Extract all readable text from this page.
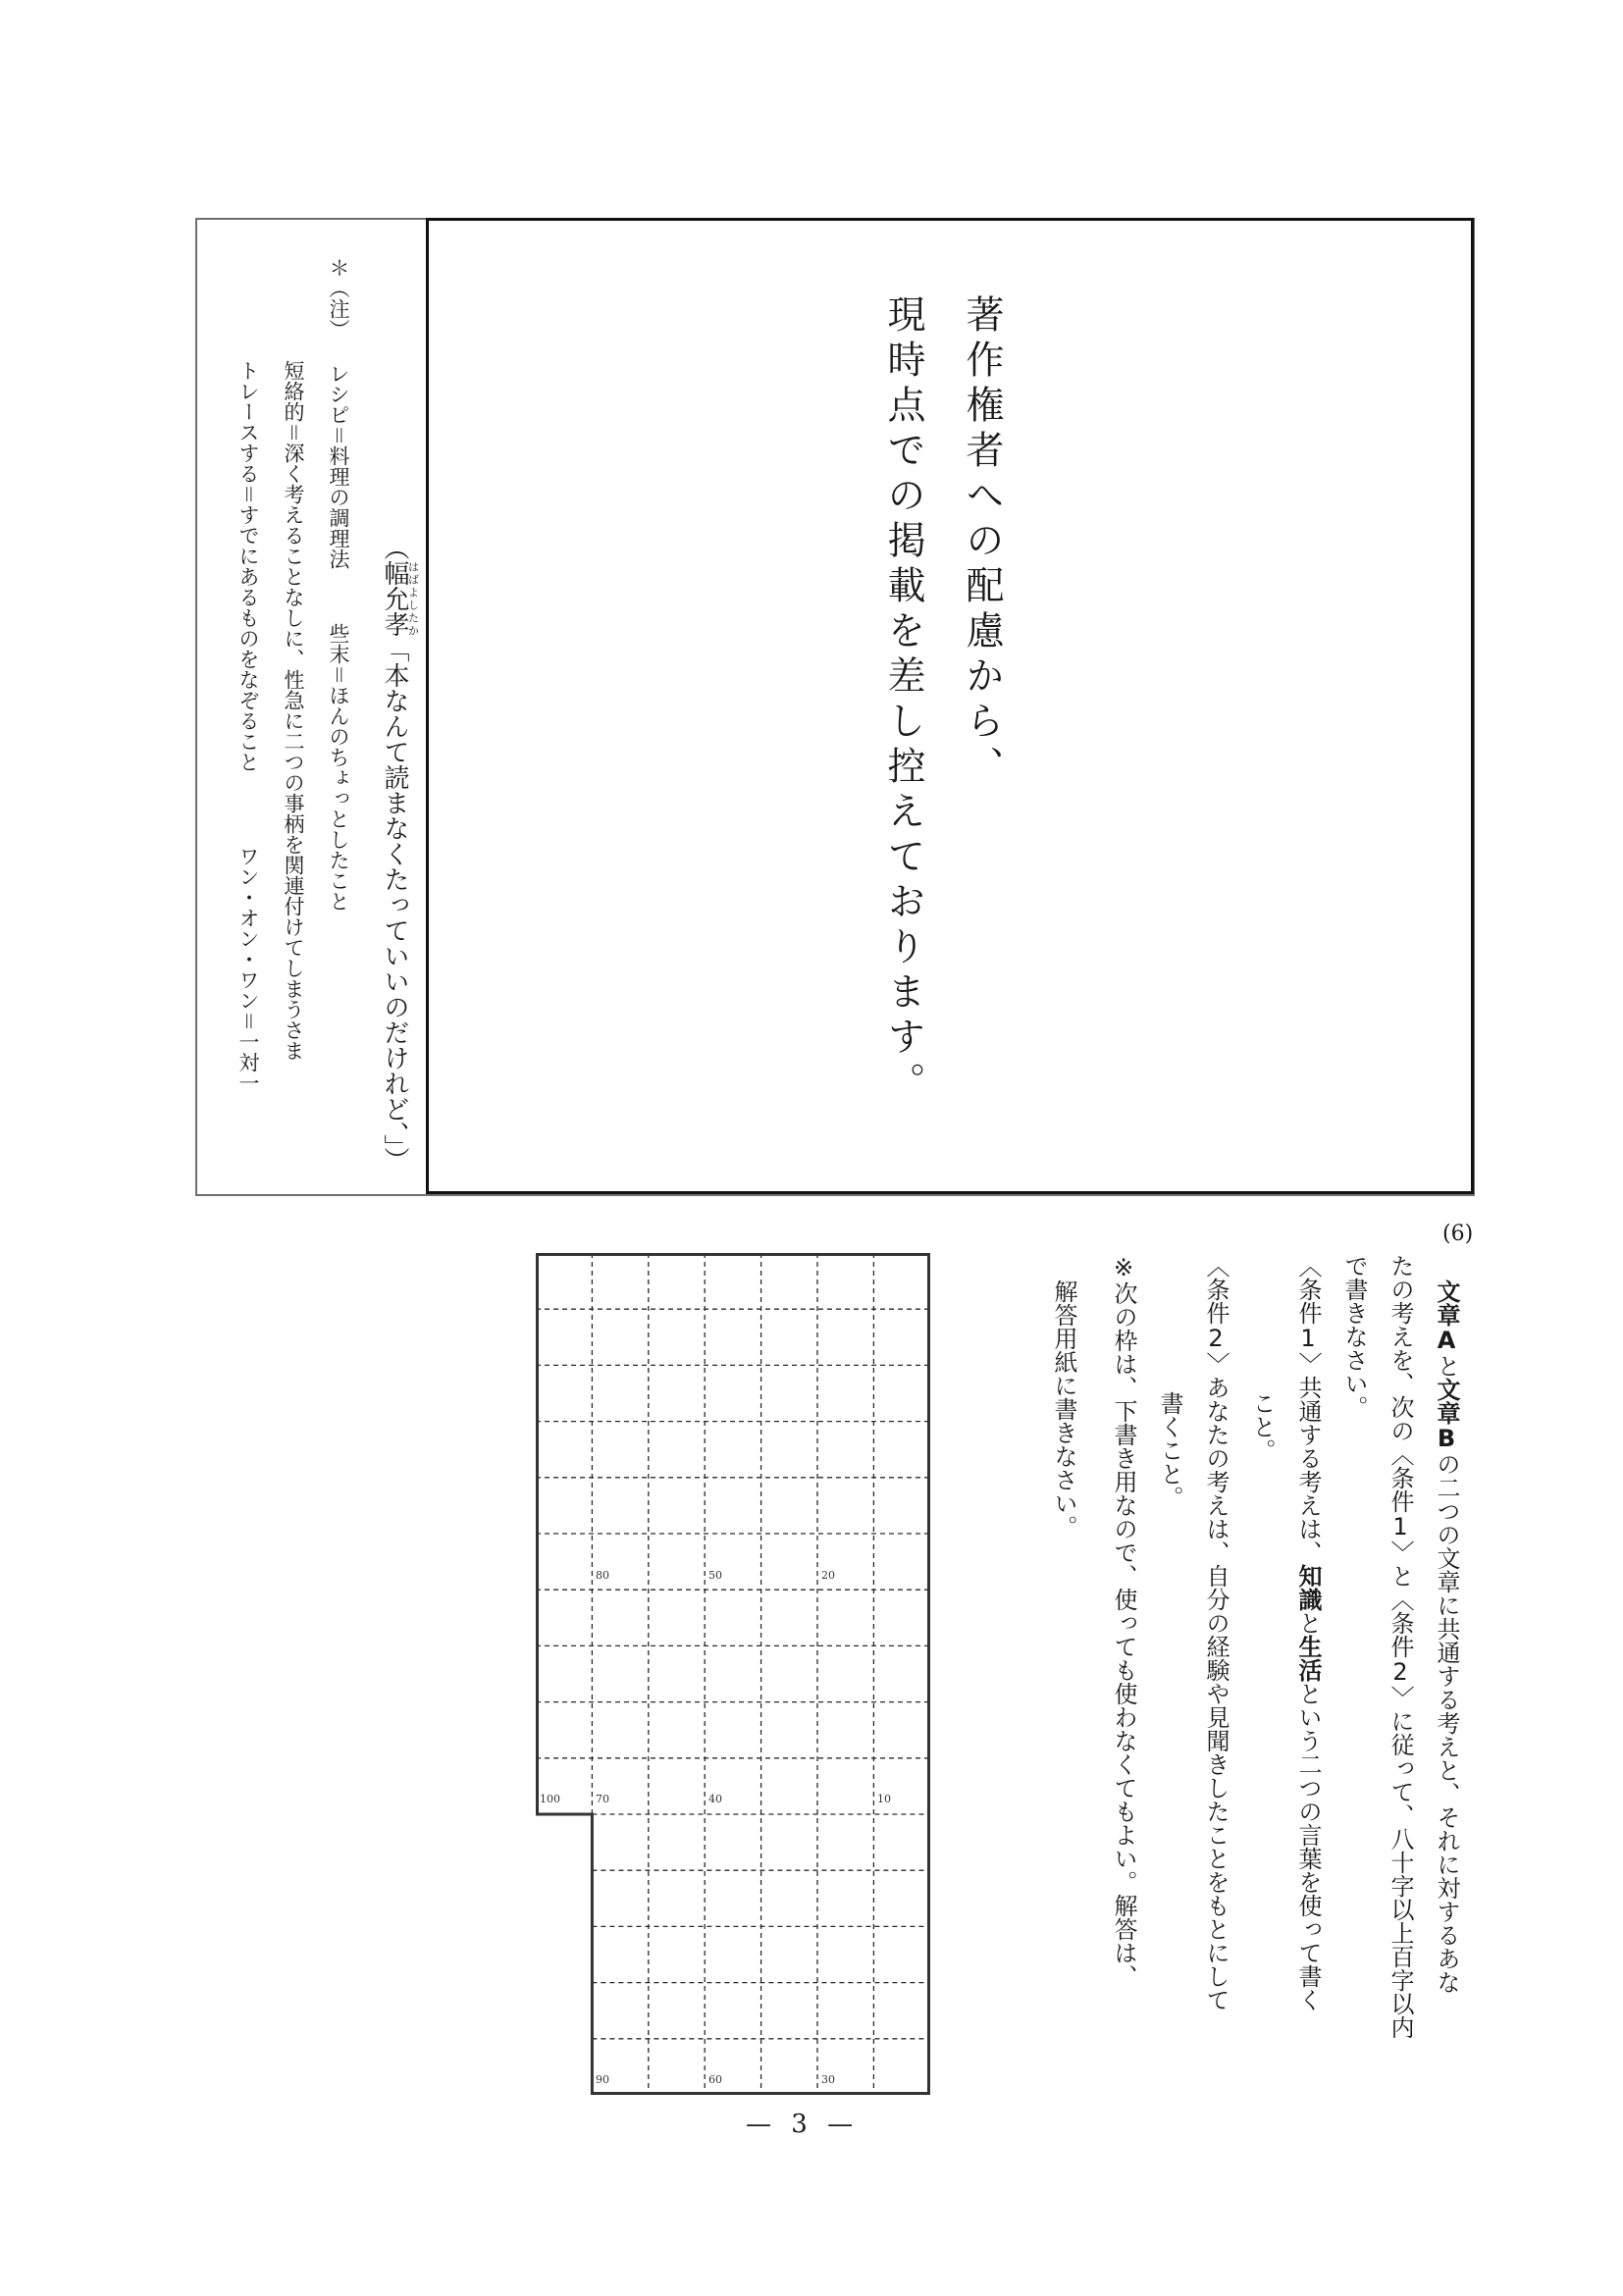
著作権者への配慮から、
現時点での掲載を差し控えております。
（幅はば允よし孝たか「本なんて読まなくたっていいのだけれど、」）
＊（注） レシピ＝料理の調理法些末＝ほんのちょっとしたこと
短絡的＝深く考えることなしに、性急に二つの事柄を関連付けてしまうさま
トレースする＝すでにあるものをなぞることワン・オン・ワン＝一対一
(6)
文章Aと文章Bの二つの文章に共通する考えと、それに対するあな
たの考えを、次の〈条件1〉と〈条件2〉に従って、八十字以上百字以内
で書きなさい。
〈条件1〉共通する考えは、知識と生活という二つの言葉を使って書く
こと。
〈条件2〉あなたの考えは、自分の経験や見聞きしたことをもとにして
書くこと。
※次の枠は、下書き用なので、使っても使わなくてもよい。解答は、
解答用紙に書きなさい。
100	70	40	10
80	50	20
90	60	30
— 3 —
